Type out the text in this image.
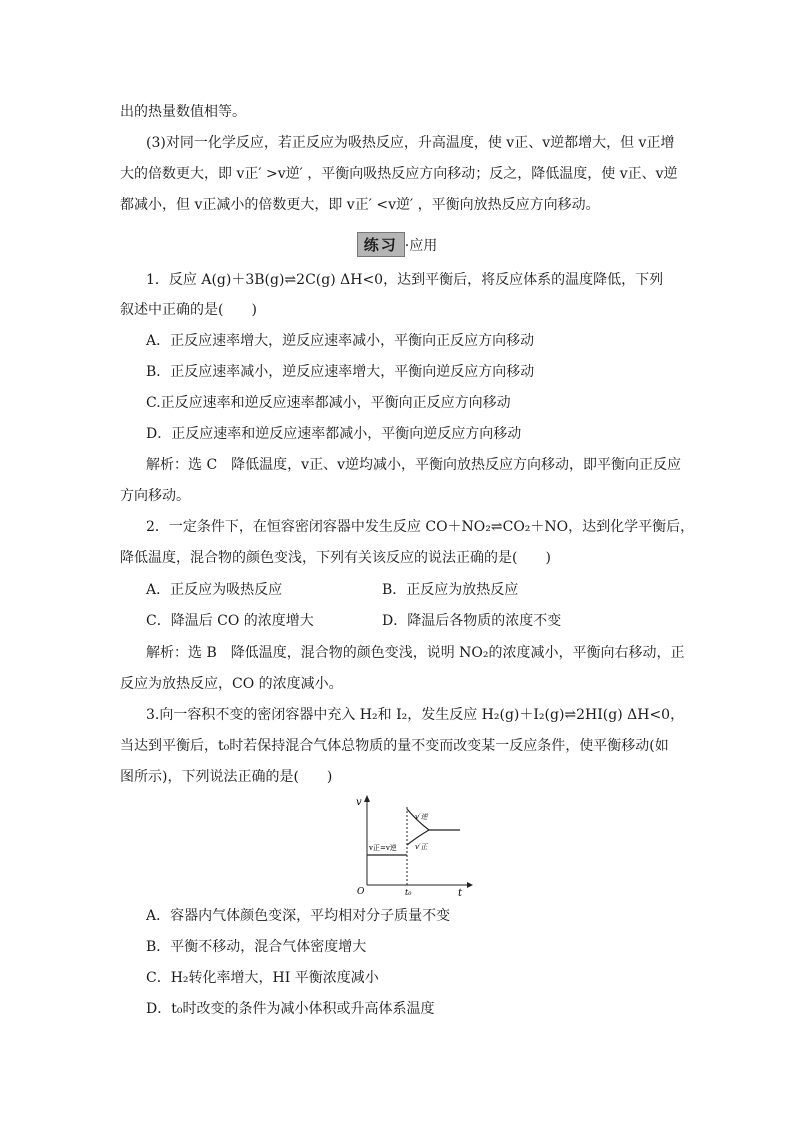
出的热量数值相等。
(3)对同一化学反应，若正反应为吸热反应，升高温度，使 v正、v逆都增大，但 v正增
大的倍数更大，即 v正′ >v逆′ ，平衡向吸热反应方向移动；反之，降低温度，使 v正、v逆
都减小，但 v正减小的倍数更大，即 v正′ <v逆′ ，平衡向放热反应方向移动。
练习 ·应用
1．反应 A(g)＋3B(g)⇌2C(g) ΔH<0，达到平衡后，将反应体系的温度降低，下列
叙述中正确的是(　　)
A．正反应速率增大，逆反应速率减小，平衡向正反应方向移动
B．正反应速率减小，逆反应速率增大，平衡向逆反应方向移动
C.正反应速率和逆反应速率都减小，平衡向正反应方向移动
D．正反应速率和逆反应速率都减小，平衡向逆反应方向移动
解析：选 C　降低温度，v正、v逆均减小，平衡向放热反应方向移动，即平衡向正反应
方向移动。
2．一定条件下，在恒容密闭容器中发生反应 CO＋NO₂⇌CO₂＋NO，达到化学平衡后，
降低温度，混合物的颜色变浅，下列有关该反应的说法正确的是(　　)
A．正反应为吸热反应	B．正反应为放热反应
C．降温后 CO 的浓度增大	D．降温后各物质的浓度不变
解析：选 B　降低温度，混合物的颜色变浅，说明 NO₂的浓度减小，平衡向右移动，正
反应为放热反应，CO 的浓度减小。
3.向一容积不变的密闭容器中充入 H₂和 I₂，发生反应 H₂(g)＋I₂(g)⇌2HI(g) ΔH<0，
当达到平衡后，t₀时若保持混合气体总物质的量不变而改变某一反应条件，使平衡移动(如
图所示)，下列说法正确的是(　　)
v
t
O
v正=v逆
t₀
v′逆
v′正
A．容器内气体颜色变深，平均相对分子质量不变
B．平衡不移动，混合气体密度增大
C．H₂转化率增大，HI 平衡浓度减小
D．t₀时改变的条件为减小体积或升高体系温度
